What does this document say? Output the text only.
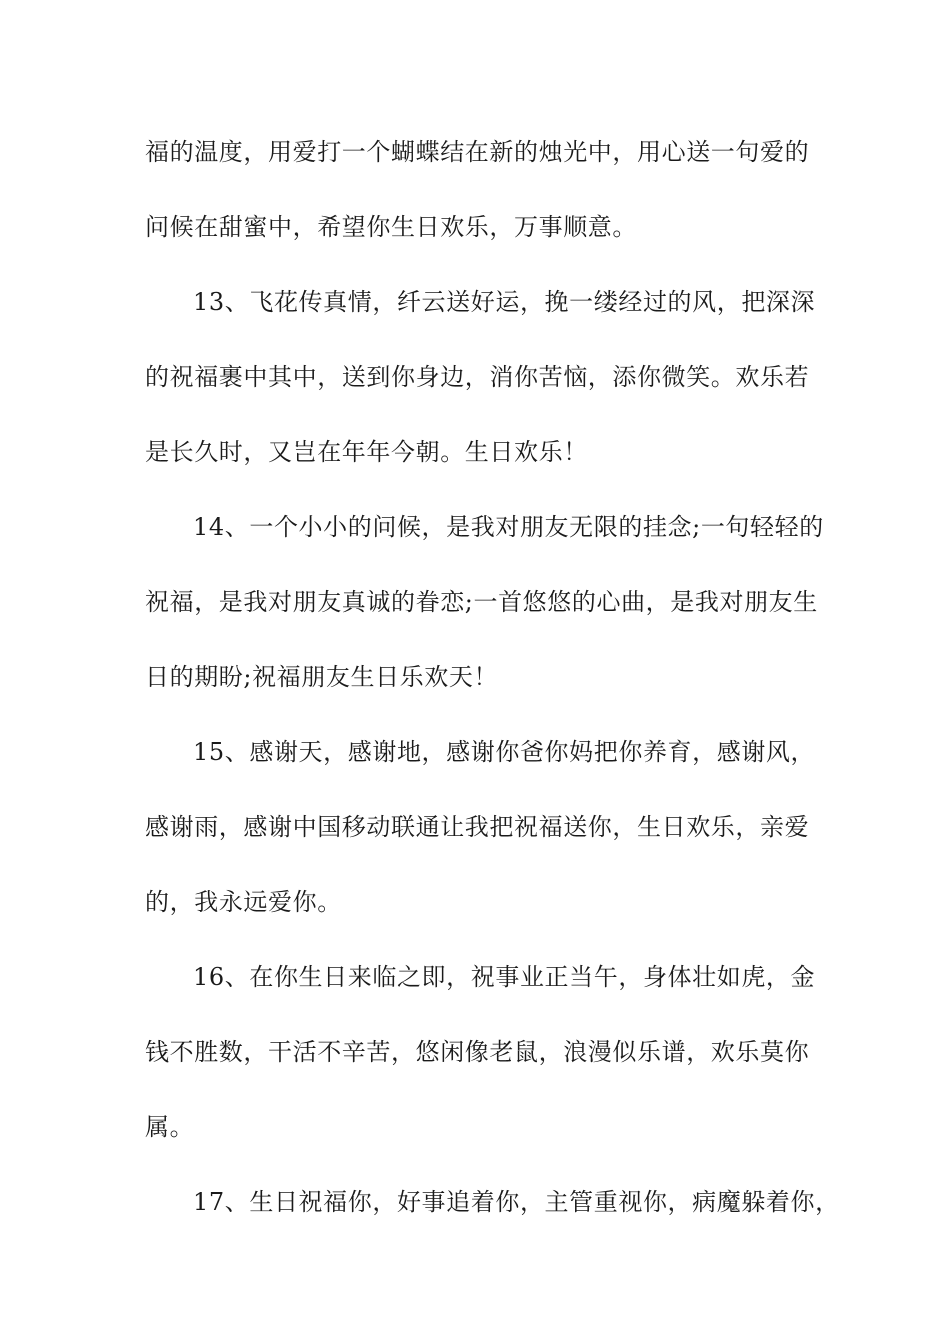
福的温度，用爱打一个蝴蝶结在新的烛光中，用心送一句爱的
问候在甜蜜中，希望你生日欢乐，万事顺意。
13、飞花传真情，纤云送好运，挽一缕经过的风，把深深
的祝福裹中其中，送到你身边，消你苦恼，添你微笑。欢乐若
是长久时，又岂在年年今朝。生日欢乐！
14、一个小小的问候，是我对朋友无限的挂念;一句轻轻的
祝福，是我对朋友真诚的眷恋;一首悠悠的心曲，是我对朋友生
日的期盼;祝福朋友生日乐欢天！
15、感谢天，感谢地，感谢你爸你妈把你养育，感谢风，
感谢雨，感谢中国移动联通让我把祝福送你，生日欢乐，亲爱
的，我永远爱你。
16、在你生日来临之即，祝事业正当午，身体壮如虎，金
钱不胜数，干活不辛苦，悠闲像老鼠，浪漫似乐谱，欢乐莫你
属。
17、生日祝福你，好事追着你，主管重视你，病魔躲着你，
